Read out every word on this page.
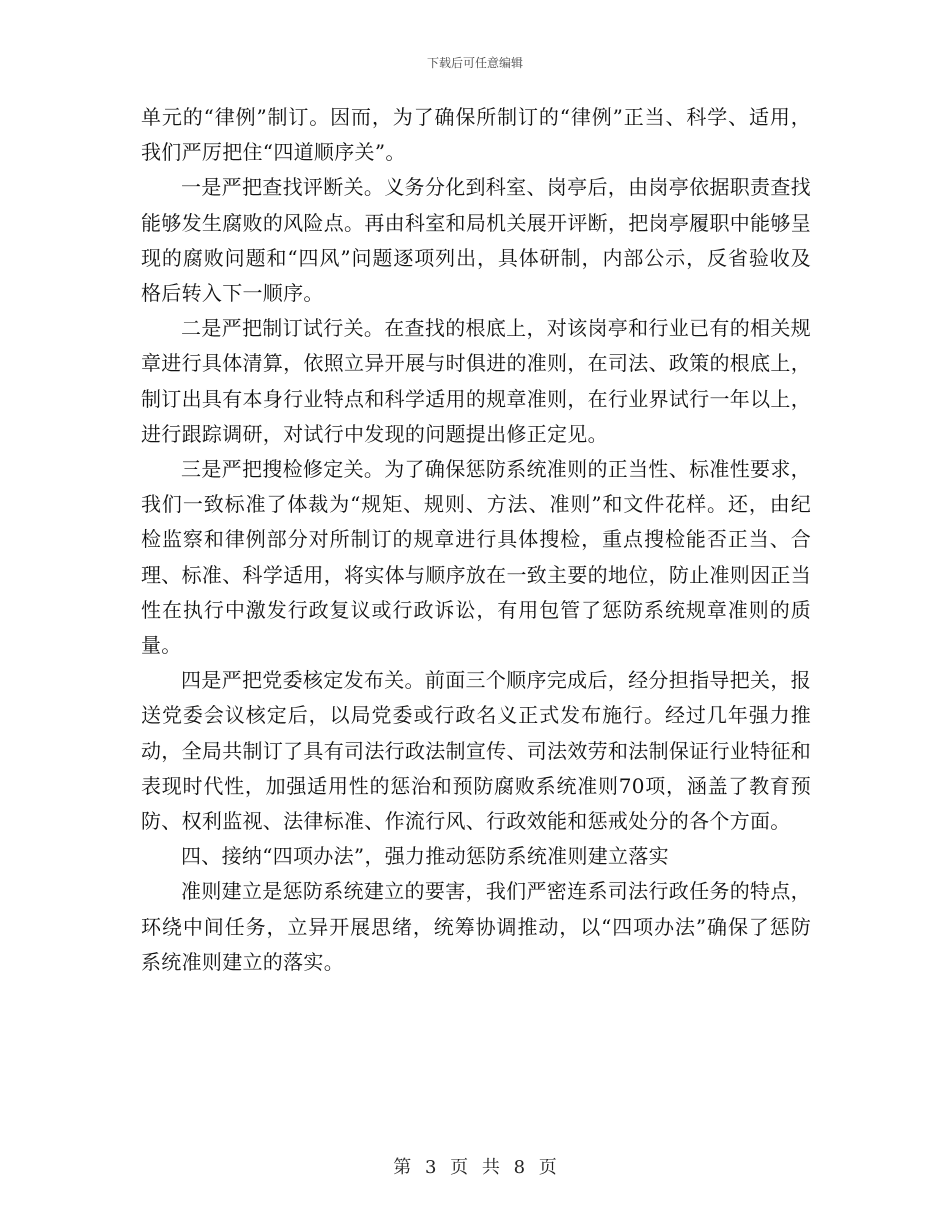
下载后可任意编辑

单元的“律例”制订。因而，为了确保所制订的“律例”正当、科学、适用，我们严厉把住“四道顺序关”。

一是严把查找评断关。义务分化到科室、岗亭后，由岗亭依据职责查找能够发生腐败的风险点。再由科室和局机关展开评断，把岗亭履职中能够呈现的腐败问题和“四风”问题逐项列出，具体研制，内部公示，反省验收及格后转入下一顺序。

二是严把制订试行关。在查找的根底上，对该岗亭和行业已有的相关规章进行具体清算，依照立异开展与时俱进的准则，在司法、政策的根底上，制订出具有本身行业特点和科学适用的规章准则，在行业界试行一年以上，进行跟踪调研，对试行中发现的问题提出修正定见。

三是严把搜检修定关。为了确保惩防系统准则的正当性、标准性要求，我们一致标准了体裁为“规矩、规则、方法、准则”和文件花样。还，由纪检监察和律例部分对所制订的规章进行具体搜检，重点搜检能否正当、合理、标准、科学适用，将实体与顺序放在一致主要的地位，防止准则因正当性在执行中激发行政复议或行政诉讼，有用包管了惩防系统规章准则的质量。

四是严把党委核定发布关。前面三个顺序完成后，经分担指导把关，报送党委会议核定后，以局党委或行政名义正式发布施行。经过几年强力推动，全局共制订了具有司法行政法制宣传、司法效劳和法制保证行业特征和表现时代性，加强适用性的惩治和预防腐败系统准则70项，涵盖了教育预防、权利监视、法律标准、作流行风、行政效能和惩戒处分的各个方面。

四、接纳“四项办法”，强力推动惩防系统准则建立落实

准则建立是惩防系统建立的要害，我们严密连系司法行政任务的特点，环绕中间任务，立异开展思绪，统筹协调推动，以“四项办法”确保了惩防系统准则建立的落实。

第 3 页 共 8 页
